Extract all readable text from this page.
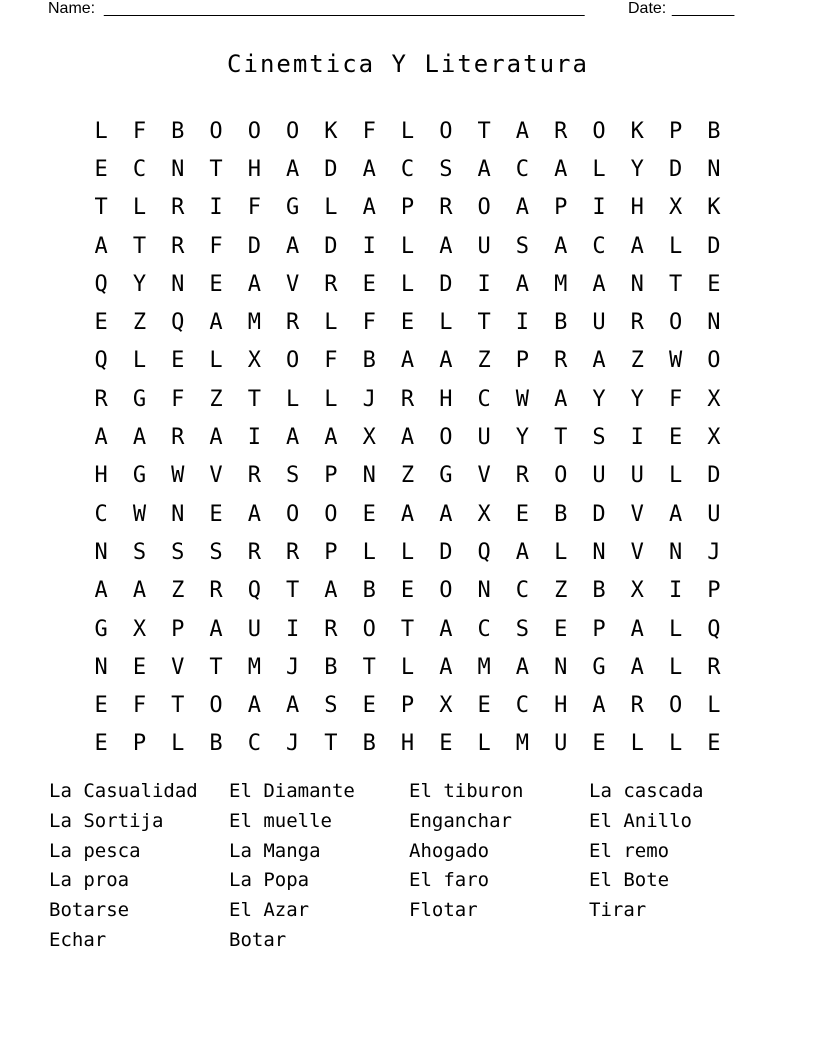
Name: ______________________________________________________	Date: _______
Cinemtica Y Literatura
L	F	B	O	O	O	K	F	L	O	T	A	R	O	K	P	B
E	C	N	T	H	A	D	A	C	S	A	C	A	L	Y	D	N
T	L	R	I	F	G	L	A	P	R	O	A	P	I	H	X	K
A	T	R	F	D	A	D	I	L	A	U	S	A	C	A	L	D
Q	Y	N	E	A	V	R	E	L	D	I	A	M	A	N	T	E
E	Z	Q	A	M	R	L	F	E	L	T	I	B	U	R	O	N
Q	L	E	L	X	O	F	B	A	A	Z	P	R	A	Z	W	O
R	G	F	Z	T	L	L	J	R	H	C	W	A	Y	Y	F	X
A	A	R	A	I	A	A	X	A	O	U	Y	T	S	I	E	X
H	G	W	V	R	S	P	N	Z	G	V	R	O	U	U	L	D
C	W	N	E	A	O	O	E	A	A	X	E	B	D	V	A	U
N	S	S	S	R	R	P	L	L	D	Q	A	L	N	V	N	J
A	A	Z	R	Q	T	A	B	E	O	N	C	Z	B	X	I	P
G	X	P	A	U	I	R	O	T	A	C	S	E	P	A	L	Q
N	E	V	T	M	J	B	T	L	A	M	A	N	G	A	L	R
E	F	T	O	A	A	S	E	P	X	E	C	H	A	R	O	L
E	P	L	B	C	J	T	B	H	E	L	M	U	E	L	L	E
La Casualidad	El Diamante	El tiburon	La cascada
La Sortija	El muelle	Enganchar	El Anillo
La pesca	La Manga	Ahogado	El remo
La proa	La Popa	El faro	El Bote
Botarse	El Azar	Flotar	Tirar
Echar	Botar
